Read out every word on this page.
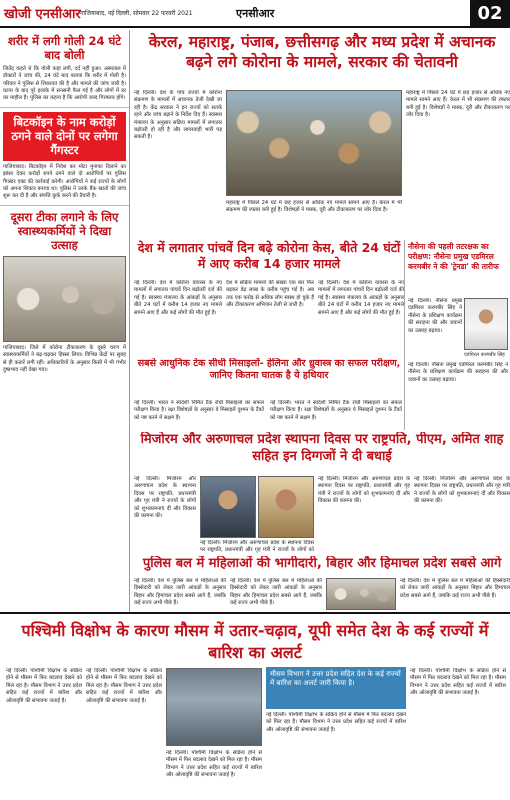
खोजी एनसीआर गाजियाबाद, नई दिल्ली, सोमवार 22 फरवरी 2021	एनसीआर	02
शरीर में लगी गोली 24 घंटे बाद बोली
जितेंद्र कहते थे कि गोली कहां लगी, दर्द नहीं हुआ। अस्पताल में डॉक्टरों ने जांच की, 24 घंटे बाद बताया कि शरीर में गोली है। परिवार ने पुलिस से शिकायत की है और मामले की जांच जारी है। घटना के बाद पूरे इलाके में सनसनी फैल गई है और लोगों में डर का माहौल है। पुलिस का कहना है कि आरोपी जल्द गिरफ्तार होंगे।
बिटकॉइन के नाम करोड़ों ठगने वाले दोनों पर लगेगा गैंगस्टर
गाजियाबाद। बिटकॉइन में निवेश कर मोटा मुनाफा दिलाने का झांसा देकर करोड़ों रुपये ठगने वाले दो आरोपियों पर पुलिस गैंगस्टर एक्ट की कार्रवाई करेगी। आरोपियों ने कई राज्यों के लोगों को अपना शिकार बनाया था। पुलिस ने उनके बैंक खातों की जांच शुरू कर दी है और संपत्ति कुर्क करने की तैयारी है।
दूसरा टीका लगाने के लिए स्वास्थ्यकर्मियों ने दिखा उत्साह
गाजियाबाद। जिले में कोरोना टीकाकरण के दूसरे चरण में स्वास्थ्यकर्मियों ने बढ़-चढ़कर हिस्सा लिया। विभिन्न केंद्रों पर सुबह से ही कतारें लगी रहीं। अधिकारियों के अनुसार किसी में भी गंभीर दुष्प्रभाव नहीं देखा गया।
केरल, महाराष्ट्र, पंजाब, छत्तीसगढ़ और मध्य प्रदेश में अचानक बढ़ने लगे कोरोना के मामले, सरकार की चेतावनी
नई दिल्ली। देश के पांच राज्यों में कोरोना संक्रमण के मामलों में अचानक तेजी देखी जा रही है। केंद्र सरकार ने इन राज्यों को सतर्क रहने और जांच बढ़ाने के निर्देश दिए हैं। स्वास्थ्य मंत्रालय के अनुसार सक्रिय मामलों में लगातार बढ़ोतरी हो रही है और लापरवाही भारी पड़ सकती है।
महाराष्ट्र में पिछले 24 घंटे में छह हजार से अधिक नए मामले सामने आए हैं। केरल में भी संक्रमण की रफ्तार बनी हुई है। विशेषज्ञों ने मास्क, दूरी और टीकाकरण पर जोर दिया है।
महाराष्ट्र में पिछले 24 घंटे में छह हजार से अधिक नए मामले सामने आए हैं। केरल में भी संक्रमण की रफ्तार बनी हुई है। विशेषज्ञों ने मास्क, दूरी और टीकाकरण पर जोर दिया है।
देश में लगातार पांचवें दिन बढ़े कोरोना केस, बीते 24 घंटों में आए करीब 14 हजार मामले
नई दिल्ली। देश में कोरोना वायरस के नए मामलों में लगातार पांचवें दिन बढ़ोतरी दर्ज की गई है। स्वास्थ्य मंत्रालय के आंकड़ों के अनुसार बीते 24 घंटों में करीब 14 हजार नए मामले सामने आए हैं और कई लोगों की मौत हुई है।
देश में सक्रिय मामलों की संख्या एक बार फिर बढ़कर डेढ़ लाख के करीब पहुंच गई है। अब तक एक करोड़ से अधिक लोग स्वस्थ हो चुके हैं और टीकाकरण अभियान तेजी से जारी है।
नई दिल्ली। देश में कोरोना वायरस के नए मामलों में लगातार पांचवें दिन बढ़ोतरी दर्ज की गई है। स्वास्थ्य मंत्रालय के आंकड़ों के अनुसार बीते 24 घंटों में करीब 14 हजार नए मामले सामने आए हैं और कई लोगों की मौत हुई है।
नौसेना की पहली तटरक्षक का परीक्षण: नौसेना प्रमुख एडमिरल करमबीर ने की 'ट्रेनडा' की तारीफ
नई दिल्ली। नौसेना प्रमुख एडमिरल करमबीर सिंह ने नौसेना के प्रशिक्षण कार्यक्रम की सराहना की और जवानों का उत्साह बढ़ाया।
एडमिरल करमबीर सिंह
नई दिल्ली। नौसेना प्रमुख एडमिरल करमबीर सिंह ने नौसेना के प्रशिक्षण कार्यक्रम की सराहना की और जवानों का उत्साह बढ़ाया।
सबसे आधुनिक टेक सीधी मिसाइलों- हेलिना और ध्रुवास्त्र का सफल परीक्षण, जानिए कितना घातक है ये हथियार
नई दिल्ली। भारत ने स्वदेशी निर्मित टैंक रोधी मिसाइलों का सफल परीक्षण किया है। रक्षा विशेषज्ञों के अनुसार ये मिसाइलें दुश्मन के टैंकों को नष्ट करने में सक्षम हैं।
नई दिल्ली। भारत ने स्वदेशी निर्मित टैंक रोधी मिसाइलों का सफल परीक्षण किया है। रक्षा विशेषज्ञों के अनुसार ये मिसाइलें दुश्मन के टैंकों को नष्ट करने में सक्षम हैं।
मिजोरम और अरुणाचल प्रदेश स्थापना दिवस पर राष्ट्रपति, पीएम, अमित शाह सहित इन दिग्गजों ने दी बधाई
नई दिल्ली। मिजोरम और अरुणाचल प्रदेश के स्थापना दिवस पर राष्ट्रपति, प्रधानमंत्री और गृह मंत्री ने राज्यों के लोगों को शुभकामनाएं दीं और विकास की कामना की।
नई दिल्ली। मिजोरम और अरुणाचल प्रदेश के स्थापना दिवस पर राष्ट्रपति, प्रधानमंत्री और गृह मंत्री ने राज्यों के लोगों को
नई दिल्ली। मिजोरम और अरुणाचल प्रदेश के स्थापना दिवस पर राष्ट्रपति, प्रधानमंत्री और गृह मंत्री ने राज्यों के लोगों को शुभकामनाएं दीं और विकास की कामना की।
नई दिल्ली। मिजोरम और अरुणाचल प्रदेश के स्थापना दिवस पर राष्ट्रपति, प्रधानमंत्री और गृह मंत्री ने राज्यों के लोगों को शुभकामनाएं दीं और विकास की कामना की।
पुलिस बल में महिलाओं की भागीदारी, बिहार और हिमाचल प्रदेश सबसे आगे
नई दिल्ली। देश में पुलिस बल में महिलाओं की हिस्सेदारी को लेकर जारी आंकड़ों के अनुसार बिहार और हिमाचल प्रदेश सबसे आगे हैं, जबकि कई राज्य अभी पीछे हैं।
नई दिल्ली। देश में पुलिस बल में महिलाओं की हिस्सेदारी को लेकर जारी आंकड़ों के अनुसार बिहार और हिमाचल प्रदेश सबसे आगे हैं, जबकि कई राज्य अभी पीछे हैं।
नई दिल्ली। देश में पुलिस बल में महिलाओं की हिस्सेदारी को लेकर जारी आंकड़ों के अनुसार बिहार और हिमाचल प्रदेश सबसे आगे हैं, जबकि कई राज्य अभी पीछे हैं।
पश्चिमी विक्षोभ के कारण मौसम में उतार-चढ़ाव, यूपी समेत देश के कई राज्यों में बारिश का अलर्ट
नई दिल्ली। पश्चिमी विक्षोभ के सक्रिय होने से मौसम में फिर बदलाव देखने को मिल रहा है। मौसम विभाग ने उत्तर प्रदेश सहित कई राज्यों में बारिश और ओलावृष्टि की संभावना जताई है।
नई दिल्ली। पश्चिमी विक्षोभ के सक्रिय होने से मौसम में फिर बदलाव देखने को मिल रहा है। मौसम विभाग ने उत्तर प्रदेश सहित कई राज्यों में बारिश और ओलावृष्टि की संभावना जताई है।
नई दिल्ली। पश्चिमी विक्षोभ के सक्रिय होने से मौसम में फिर बदलाव देखने को मिल रहा है। मौसम विभाग ने उत्तर प्रदेश सहित कई राज्यों में बारिश और ओलावृष्टि की संभावना जताई है।
मौसम विभाग ने उत्तर प्रदेश सहित देश के कई राज्यों में बारिश का अलर्ट जारी किया है।
नई दिल्ली। पश्चिमी विक्षोभ के सक्रिय होने से मौसम में फिर बदलाव देखने को मिल रहा है। मौसम विभाग ने उत्तर प्रदेश सहित कई राज्यों में बारिश और ओलावृष्टि की संभावना जताई है।
नई दिल्ली। पश्चिमी विक्षोभ के सक्रिय होने से मौसम में फिर बदलाव देखने को मिल रहा है। मौसम विभाग ने उत्तर प्रदेश सहित कई राज्यों में बारिश और ओलावृष्टि की संभावना जताई है।
